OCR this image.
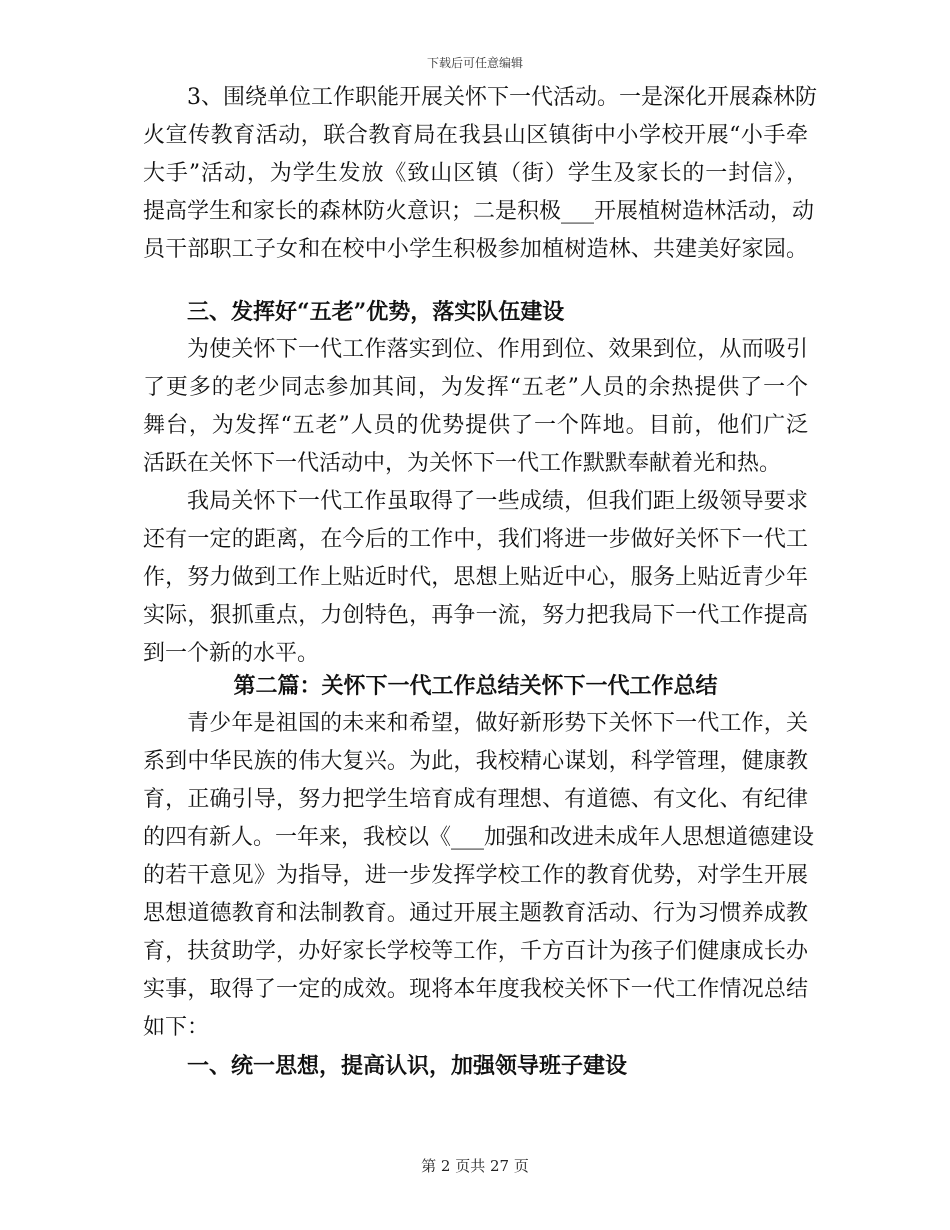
下载后可任意编辑
3、围绕单位工作职能开展关怀下一代活动。一是深化开展森林防
火宣传教育活动，联合教育局在我县山区镇街中小学校开展“小手牵
大手”活动，为学生发放《致山区镇（街）学生及家长的一封信》，
提高学生和家长的森林防火意识；二是积极___开展植树造林活动，动
员干部职工子女和在校中小学生积极参加植树造林、共建美好家园。
三、发挥好“五老”优势，落实队伍建设
为使关怀下一代工作落实到位、作用到位、效果到位，从而吸引
了更多的老少同志参加其间，为发挥“五老”人员的余热提供了一个
舞台，为发挥“五老”人员的优势提供了一个阵地。目前，他们广泛
活跃在关怀下一代活动中，为关怀下一代工作默默奉献着光和热。
我局关怀下一代工作虽取得了一些成绩，但我们距上级领导要求
还有一定的距离，在今后的工作中，我们将进一步做好关怀下一代工
作，努力做到工作上贴近时代，思想上贴近中心，服务上贴近青少年
实际，狠抓重点，力创特色，再争一流，努力把我局下一代工作提高
到一个新的水平。
第二篇：关怀下一代工作总结关怀下一代工作总结
青少年是祖国的未来和希望，做好新形势下关怀下一代工作，关
系到中华民族的伟大复兴。为此，我校精心谋划，科学管理，健康教
育，正确引导，努力把学生培育成有理想、有道德、有文化、有纪律
的四有新人。一年来，我校以《___加强和改进未成年人思想道德建设
的若干意见》为指导，进一步发挥学校工作的教育优势，对学生开展
思想道德教育和法制教育。通过开展主题教育活动、行为习惯养成教
育，扶贫助学，办好家长学校等工作，千方百计为孩子们健康成长办
实事，取得了一定的成效。现将本年度我校关怀下一代工作情况总结
如下：
一、统一思想，提高认识，加强领导班子建设
第 2 页共 27 页
